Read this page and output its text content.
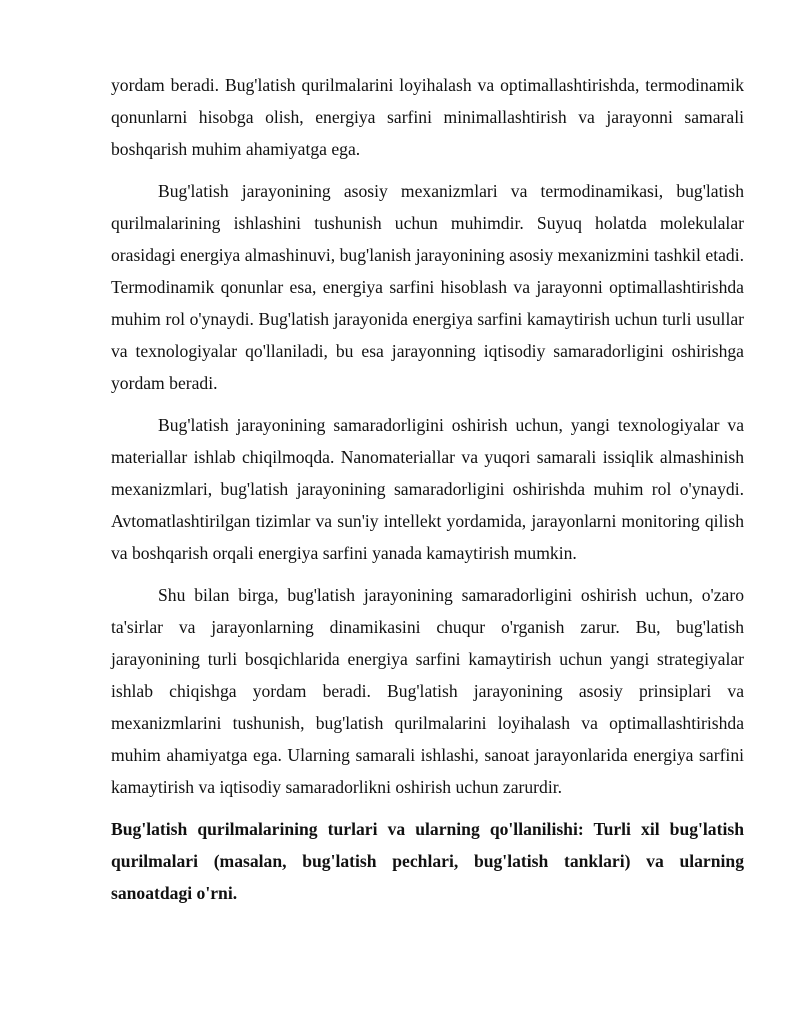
yordam beradi. Bug'latish qurilmalarini loyihalash va optimallashtirishda, termodinamik qonunlarni hisobga olish, energiya sarfini minimallashtirish va jarayonni samarali boshqarish muhim ahamiyatga ega.

Bug'latish jarayonining asosiy mexanizmlari va termodinamikasi, bug'latish qurilmalarining ishlashini tushunish uchun muhimdir. Suyuq holatda molekulalar orasidagi energiya almashinuvi, bug'lanish jarayonining asosiy mexanizmini tashkil etadi. Termodinamik qonunlar esa, energiya sarfini hisoblash va jarayonni optimallashtirishda muhim rol o'ynaydi. Bug'latish jarayonida energiya sarfini kamaytirish uchun turli usullar va texnologiyalar qo'llaniladi, bu esa jarayonning iqtisodiy samaradorligini oshirishga yordam beradi.

Bug'latish jarayonining samaradorligini oshirish uchun, yangi texnologiyalar va materiallar ishlab chiqilmoqda. Nanomateriallar va yuqori samarali issiqlik almashinish mexanizmlari, bug'latish jarayonining samaradorligini oshirishda muhim rol o'ynaydi. Avtomatlashtirilgan tizimlar va sun'iy intellekt yordamida, jarayonlarni monitoring qilish va boshqarish orqali energiya sarfini yanada kamaytirish mumkin.

Shu bilan birga, bug'latish jarayonining samaradorligini oshirish uchun, o'zaro ta'sirlar va jarayonlarning dinamikasini chuqur o'rganish zarur. Bu, bug'latish jarayonining turli bosqichlarida energiya sarfini kamaytirish uchun yangi strategiyalar ishlab chiqishga yordam beradi. Bug'latish jarayonining asosiy prinsiplari va mexanizmlarini tushunish, bug'latish qurilmalarini loyihalash va optimallashtirishda muhim ahamiyatga ega. Ularning samarali ishlashi, sanoat jarayonlarida energiya sarfini kamaytirish va iqtisodiy samaradorlikni oshirish uchun zarurdir.

Bug'latish qurilmalarining turlari va ularning qo'llanilishi: Turli xil bug'latish qurilmalari (masalan, bug'latish pechlari, bug'latish tanklari) va ularning sanoatdagi o'rni.
